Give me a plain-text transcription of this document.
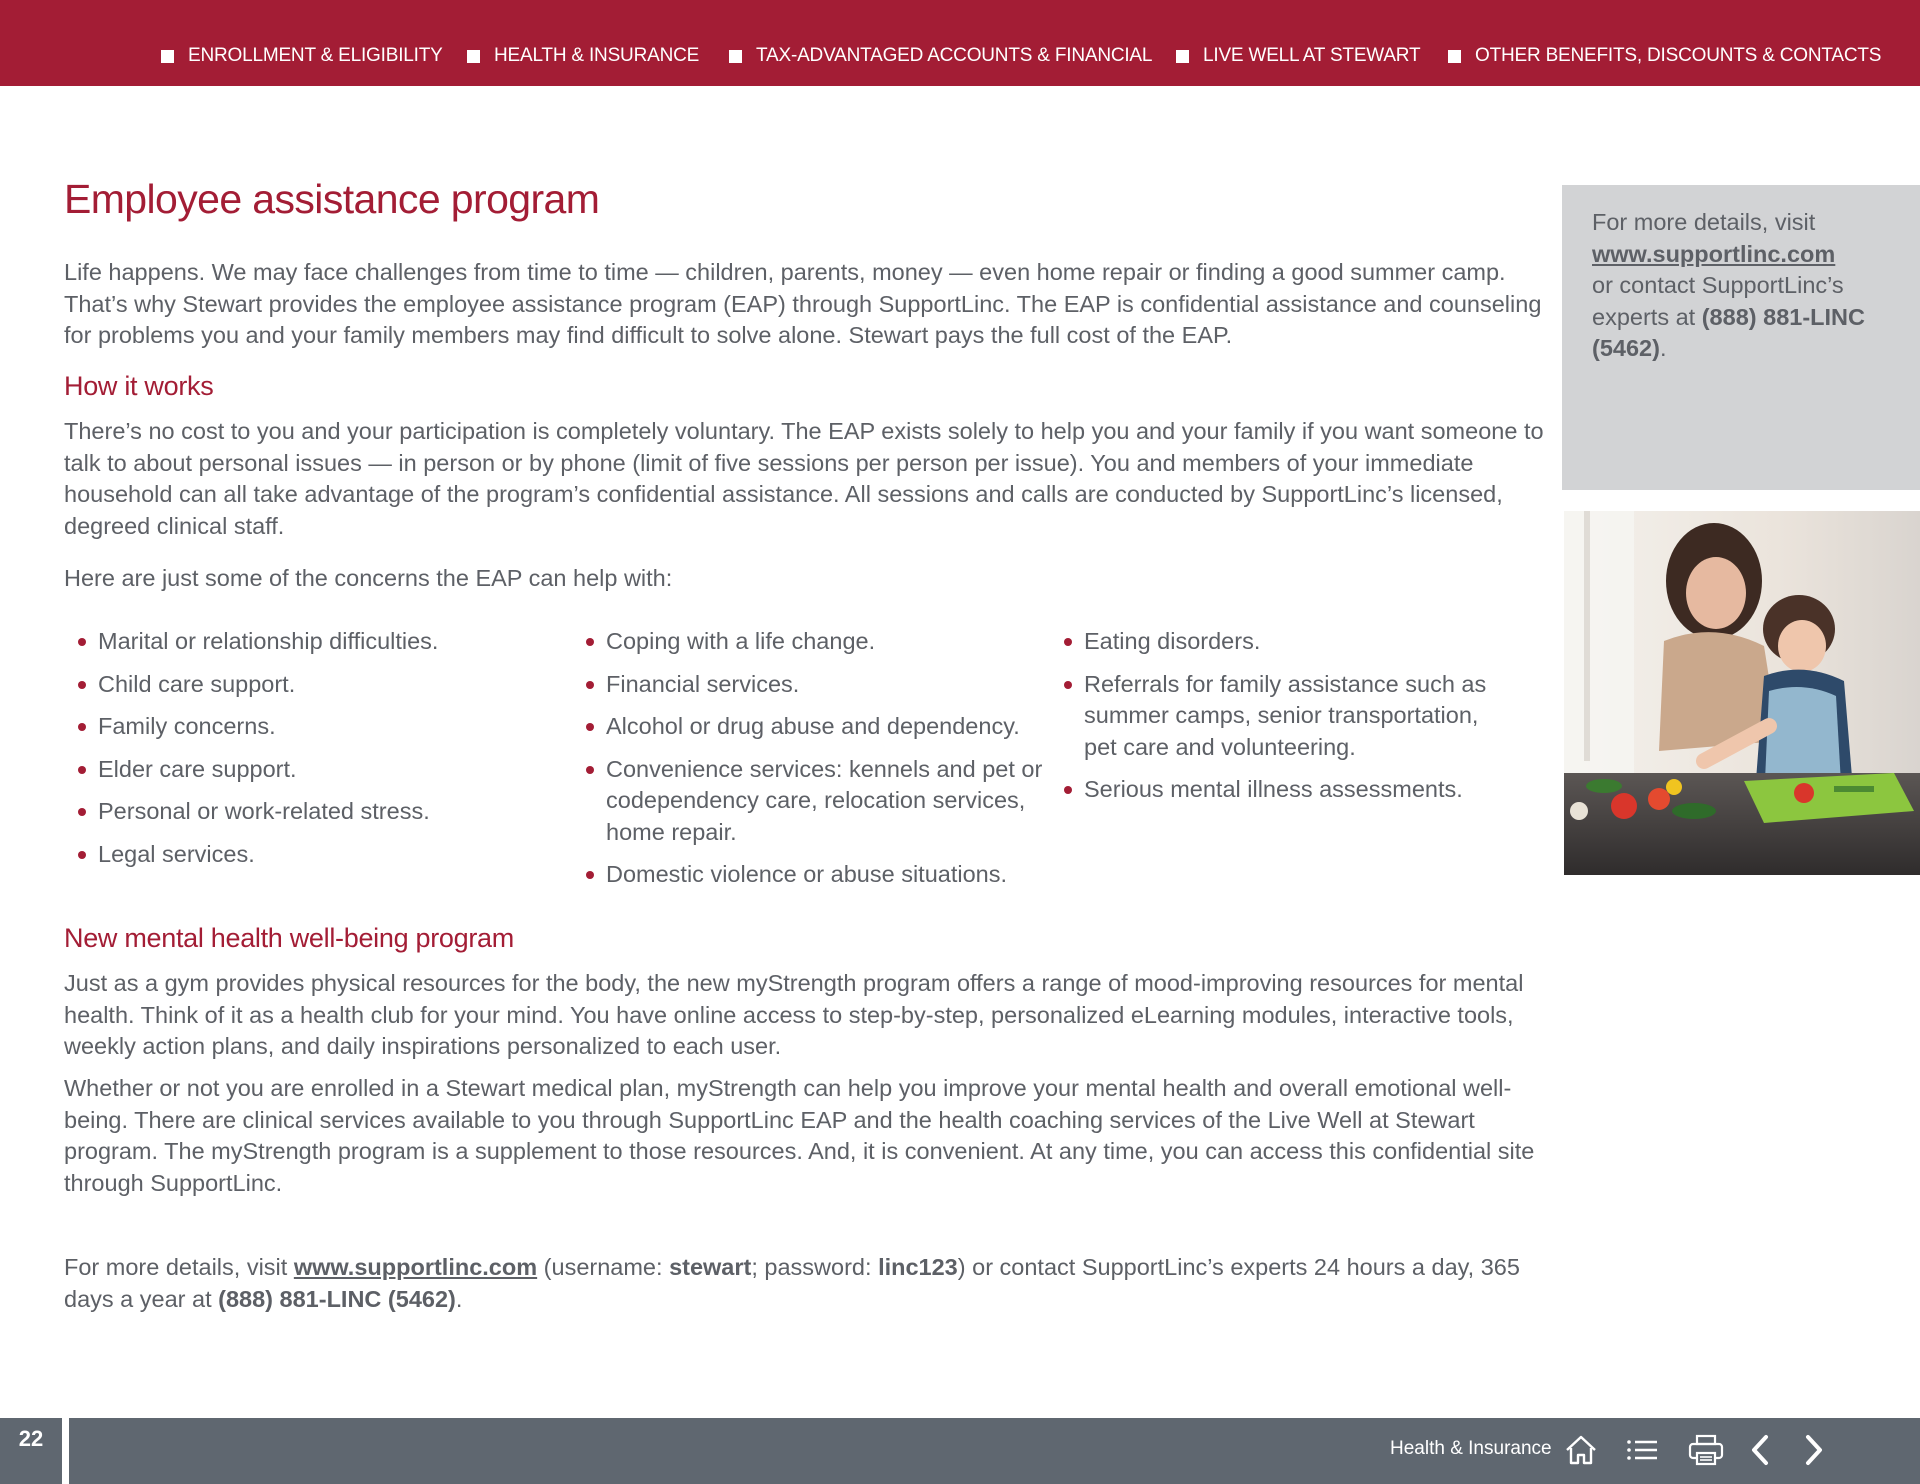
ENROLLMENT & ELIGIBILITY	HEALTH & INSURANCE	TAX-ADVANTAGED ACCOUNTS & FINANCIAL	LIVE WELL AT STEWART	OTHER BENEFITS, DISCOUNTS & CONTACTS
Employee assistance program

Life happens. We may face challenges from time to time — children, parents, money — even home repair or finding a good summer camp. That’s why Stewart provides the employee assistance program (EAP) through SupportLinc. The EAP is confidential assistance and counseling for problems you and your family members may find difficult to solve alone. Stewart pays the full cost of the EAP.

How it works

There’s no cost to you and your participation is completely voluntary. The EAP exists solely to help you and your family if you want someone to talk to about personal issues — in person or by phone (limit of five sessions per person per issue). You and members of your immediate household can all take advantage of the program’s confidential assistance. All sessions and calls are conducted by SupportLinc’s licensed, degreed clinical staff.

Here are just some of the concerns the EAP can help with:

Marital or relationship difficulties.
Child care support.
Family concerns.
Elder care support.
Personal or work-related stress.
Legal services.
Coping with a life change.
Financial services.
Alcohol or drug abuse and dependency.
Convenience services: kennels and pet or codependency care, relocation services, home repair.
Domestic violence or abuse situations.
Eating disorders.
Referrals for family assistance such as summer camps, senior transportation, pet care and volunteering.
Serious mental illness assessments.
New mental health well-being program

Just as a gym provides physical resources for the body, the new myStrength program offers a range of mood-improving resources for mental health. Think of it as a health club for your mind. You have online access to step-by-step, personalized eLearning modules, interactive tools, weekly action plans, and daily inspirations personalized to each user.

Whether or not you are enrolled in a Stewart medical plan, myStrength can help you improve your mental health and overall emotional well-being. There are clinical services available to you through SupportLinc EAP and the health coaching services of the Live Well at Stewart program. The myStrength program is a supplement to those resources. And, it is convenient. At any time, you can access this confidential site through SupportLinc.

For more details, visit www.supportlinc.com (username: stewart; password: linc123) or contact SupportLinc’s experts 24 hours a day, 365 days a year at (888) 881-LINC (5462).

For more details, visit
www.supportlinc.com
or contact SupportLinc’s experts at (888) 881-LINC (5462).
22	Health & Insurance
